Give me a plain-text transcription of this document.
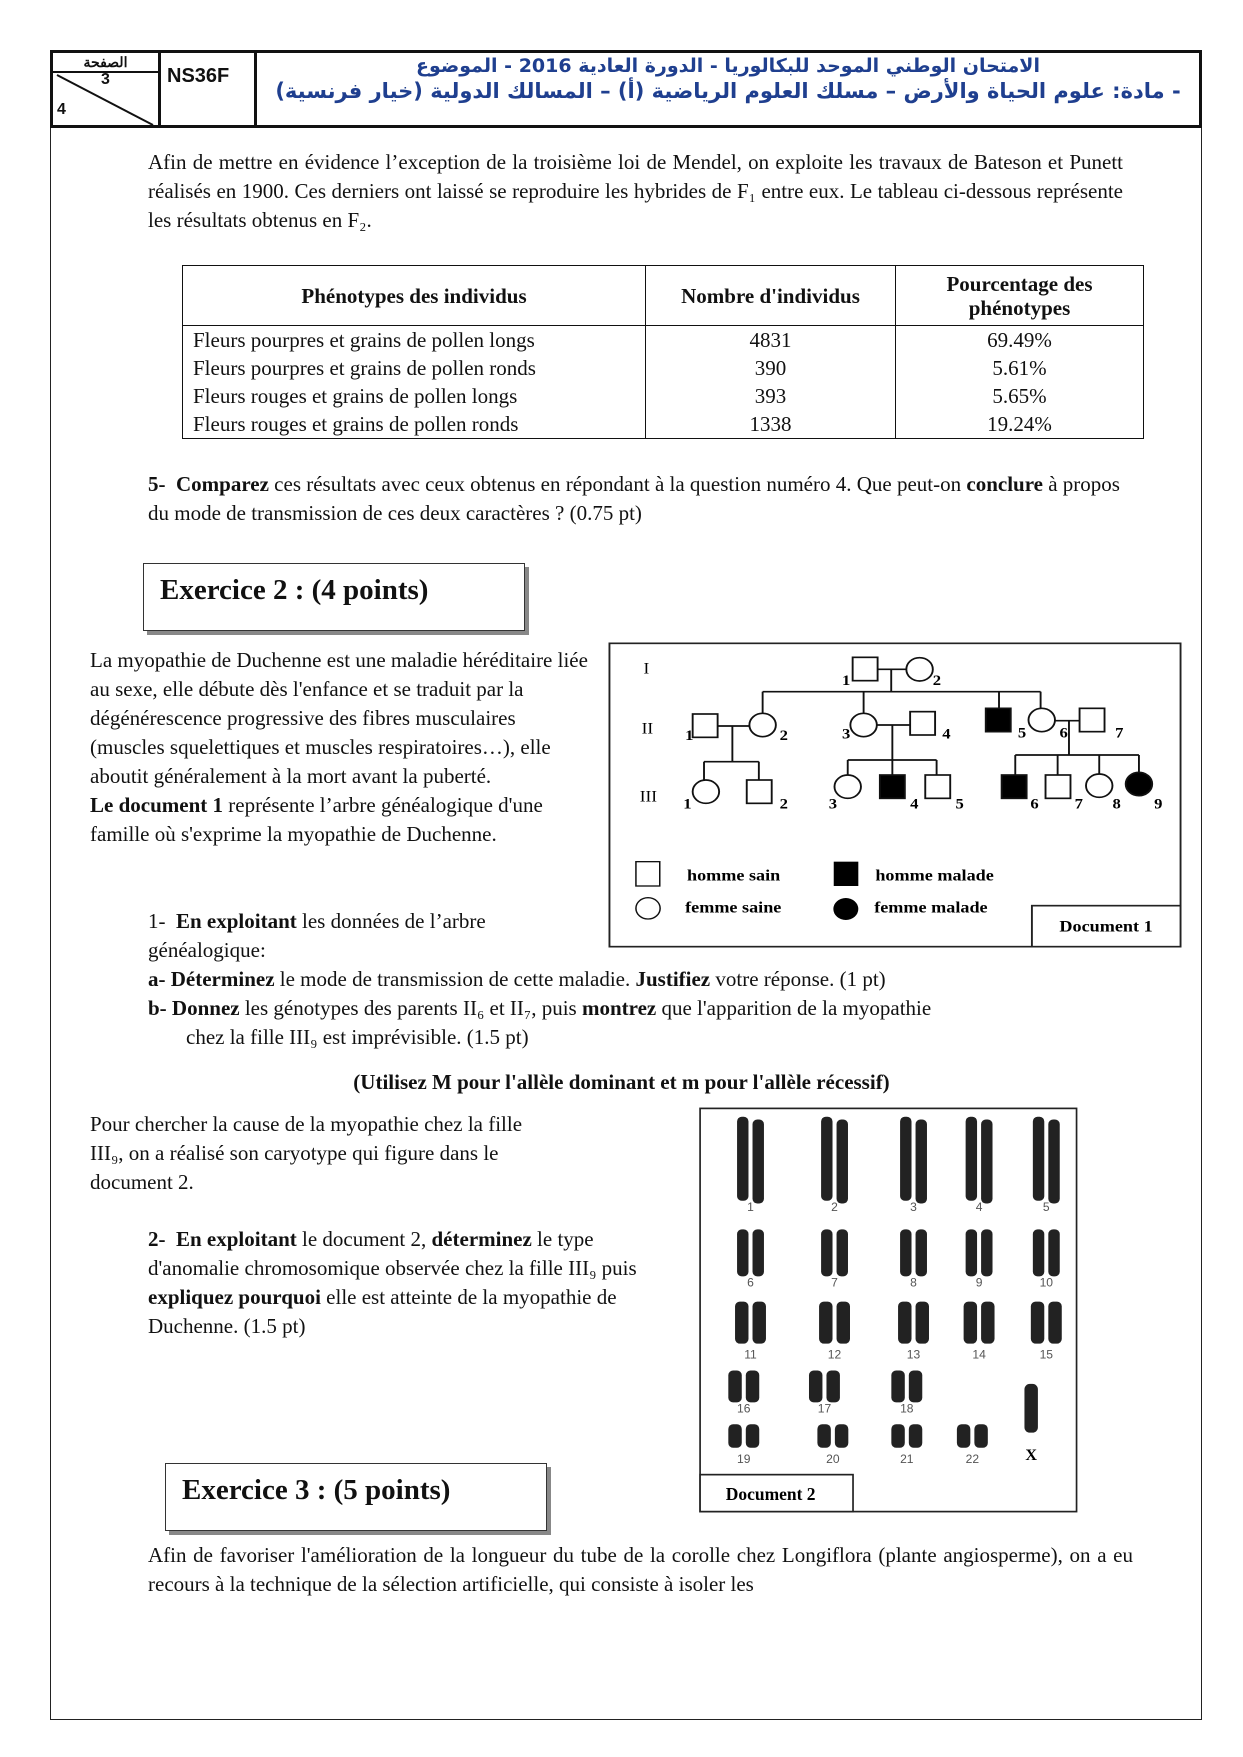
الصفحة
3
4
NS36F	الامتحان الوطني الموحد للبكالوريا - الدورة العادية 2016 - الموضوع
- مادة: علوم الحياة والأرض – مسلك العلوم الرياضية (أ) – المسالك الدولية (خيار فرنسية)
Afin de mettre en évidence l’exception de la troisième loi de Mendel, on exploite les travaux de Bateson et Punett réalisés en 1900. Ces derniers ont laissé se reproduire les hybrides de F₁ entre eux. Le tableau ci-dessous représente les résultats obtenus en F₂.
Phénotypes des individus	Nombre d'individus	Pourcentage des phénotypes
Fleurs pourpres et grains de pollen longs	4831	69.49%
Fleurs pourpres et grains de pollen ronds	390	5.61%
Fleurs rouges et grains de pollen longs	393	5.65%
Fleurs rouges et grains de pollen ronds	1338	19.24%
5- Comparez ces résultats avec ceux obtenus en répondant à la question numéro 4. Que peut-on conclure à propos du mode de transmission de ces deux caractères ? (0.75 pt)
Exercice 2 : (4 points)
La myopathie de Duchenne est une maladie héréditaire liée au sexe, elle débute dès l'enfance et se traduit par la dégénérescence progressive des fibres musculaires (muscles squelettiques et muscles respiratoires…), elle aboutit généralement à la mort avant la puberté.
Le document 1 représente l’arbre généalogique d'une famille où s'exprime la myopathie de Duchenne.
1- En exploitant les données de l’arbre généalogique:
a- Déterminez le mode de transmission de cette maladie. Justifiez votre réponse. (1 pt)
b- Donnez les génotypes des parents II₆ et II₇, puis montrez que l'apparition de la myopathie
chez la fille III₉ est imprévisible. (1.5 pt)
(Utilisez M pour l'allèle dominant et m pour l'allèle récessif)
Pour chercher la cause de la myopathie chez la fille III₉, on a réalisé son caryotype qui figure dans le document 2.
2- En exploitant le document 2, déterminez le type d'anomalie chromosomique observée chez la fille III₉ puis expliquez pourquoi elle est atteinte de la myopathie de Duchenne. (1.5 pt)
1 2
1 2 3 4 5 6 7
1 2 3 4 5 6 7 8 9
I
II
III
homme sain homme malade
femme saine femme malade
Document 1
1 2 3 4 5
6 7 8 9 10
11 12 13 14 15
16 17 18
19 20 21 22 X
Document 2
Exercice 3 : (5 points)
Afin de favoriser l'amélioration de la longueur du tube de la corolle chez Longiflora (plante angiosperme), on a eu recours à la technique de la sélection artificielle, qui consiste à isoler les
